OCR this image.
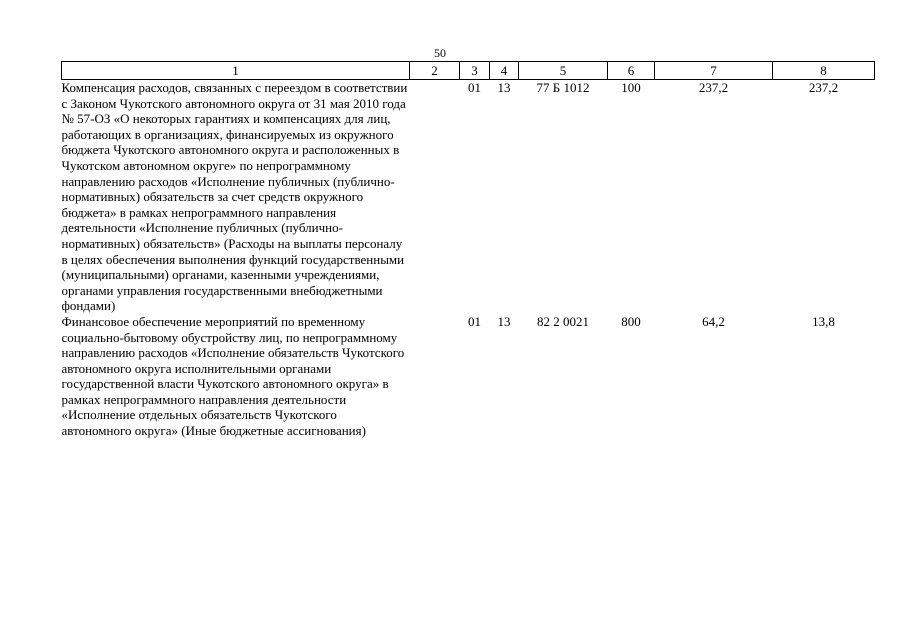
50
1	2	3	4	5	6	7	8
Компенсация расходов, связанных с переездом в соответствии с Законом Чукотского автономного округа от 31 мая 2010 года № 57-ОЗ «О некоторых гарантиях и компенсациях для лиц, работающих в организациях, финансируемых из окружного бюджета Чукотского автономного округа и расположенных в Чукотском автономном округе» по непрограммному направлению расходов «Исполнение публичных (публично-нормативных) обязательств за счет средств окружного бюджета» в рамках непрограммного направления деятельности «Исполнение публичных (публично-нормативных) обязательств» (Расходы на выплаты персоналу в целях обеспечения выполнения функций государственными (муниципальными) органами, казенными учреждениями, органами управления государственными внебюджетными фондами)		01	13	77 Б 1012	100	237,2	237,2
Финансовое обеспечение мероприятий по временному социально-бытовому обустройству лиц, по непрограммному направлению расходов «Исполнение обязательств Чукотского автономного округа исполнительными органами государственной власти Чукотского автономного округа» в рамках непрограммного направления деятельности «Исполнение отдельных обязательств Чукотского автономного округа» (Иные бюджетные ассигнования)		01	13	82 2 0021	800	64,2	13,8
